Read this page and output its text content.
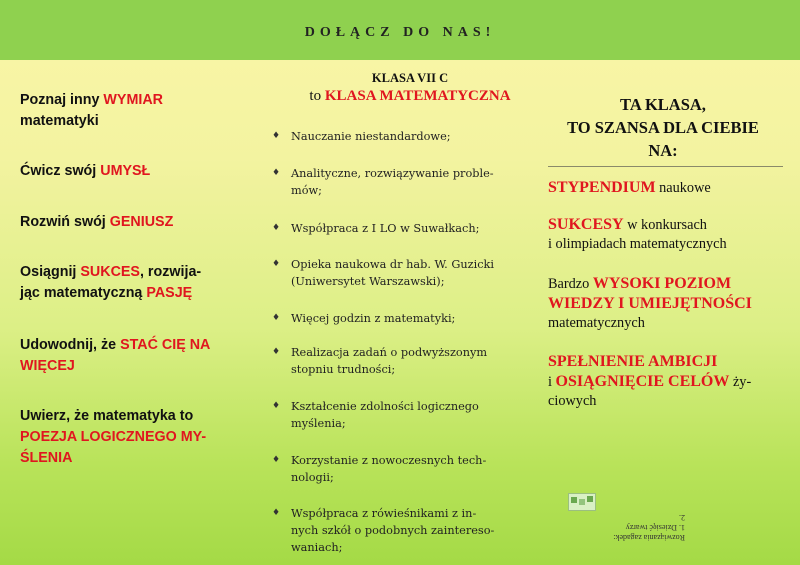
DOŁĄCZ DO NAS!
Poznaj inny WYMIAR
matematyki
Ćwicz swój UMYSŁ
Rozwiń swój GENIUSZ
Osiągnij SUKCES, rozwija-
jąc matematyczną PASJĘ
Udowodnij, że STAĆ CIĘ NA
WIĘCEJ
Uwierz, że matematyka to
POEZJA LOGICZNEGO MY-
ŚLENIA
KLASA VII C
to KLASA MATEMATYCZNA
♦ Nauczanie niestandardowe;
♦ Analityczne, rozwiązywanie proble-
mów;
♦ Współpraca z I LO w Suwałkach;
♦ Opieka naukowa dr hab. W. Guzicki
(Uniwersytet Warszawski);
♦ Więcej godzin z matematyki;
♦ Realizacja zadań o podwyższonym
stopniu trudności;
♦ Kształcenie zdolności logicznego
myślenia;
♦ Korzystanie z nowoczesnych tech-
nologii;
♦ Współpraca z rówieśnikami z in-
nych szkół o podobnych zaintereso-
waniach;
TA KLASA,
TO SZANSA DLA CIEBIE
NA:
STYPENDIUM naukowe
SUKCESY w konkursach
i olimpiadach matematycznych
Bardzo WYSOKI POZIOM
WIEDZY I UMIEJĘTNOŚCI
matematycznych
SPEŁNIENIE AMBICJI
i OSIĄGNIĘCIE CELÓW ży-
ciowych
Rozwiązania zagadek:
1. Dziesięć twarzy
2.
